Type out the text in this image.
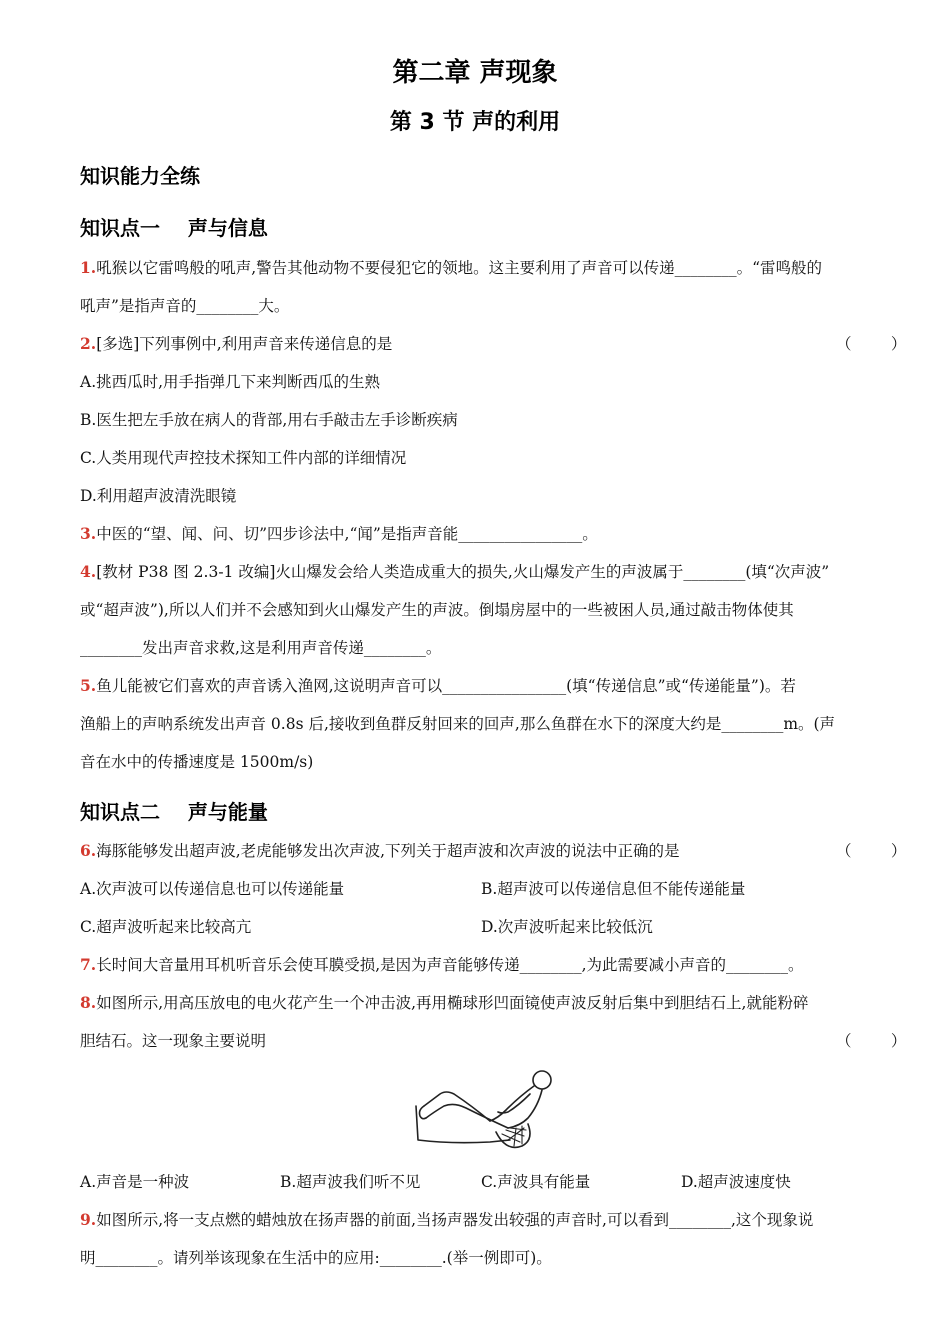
第二章 声现象
第 3 节 声的利用
知识能力全练
知识点一    声与信息
1.吼猴以它雷鸣般的吼声,警告其他动物不要侵犯它的领地。这主要利用了声音可以传递________。“雷鸣般的
吼声”是指声音的________大。
2.[多选]下列事例中,利用声音来传递信息的是	（        ）
A.挑西瓜时,用手指弹几下来判断西瓜的生熟
B.医生把左手放在病人的背部,用右手敲击左手诊断疾病
C.人类用现代声控技术探知工件内部的详细情况
D.利用超声波清洗眼镜
3.中医的“望、闻、问、切”四步诊法中,“闻”是指声音能________________。
4.[教材 P38 图 2.3-1 改编]火山爆发会给人类造成重大的损失,火山爆发产生的声波属于________(填“次声波”
或“超声波”),所以人们并不会感知到火山爆发产生的声波。倒塌房屋中的一些被困人员,通过敲击物体使其
________发出声音求救,这是利用声音传递________。
5.鱼儿能被它们喜欢的声音诱入渔网,这说明声音可以________________(填“传递信息”或“传递能量”)。若
渔船上的声呐系统发出声音 0.8s 后,接收到鱼群反射回来的回声,那么鱼群在水下的深度大约是________m。(声
音在水中的传播速度是 1500m/s)
知识点二    声与能量
6.海豚能够发出超声波,老虎能够发出次声波,下列关于超声波和次声波的说法中正确的是	（        ）
A.次声波可以传递信息也可以传递能量	B.超声波可以传递信息但不能传递能量
C.超声波听起来比较高亢	D.次声波听起来比较低沉
7.长时间大音量用耳机听音乐会使耳膜受损,是因为声音能够传递________,为此需要减小声音的________。
8.如图所示,用高压放电的电火花产生一个冲击波,再用椭球形凹面镜使声波反射后集中到胆结石上,就能粉碎
胆结石。这一现象主要说明	（        ）
A.声音是一种波	B.超声波我们听不见	C.声波具有能量	D.超声波速度快
9.如图所示,将一支点燃的蜡烛放在扬声器的前面,当扬声器发出较强的声音时,可以看到________,这个现象说
明________。请列举该现象在生活中的应用:________.(举一例即可)。
